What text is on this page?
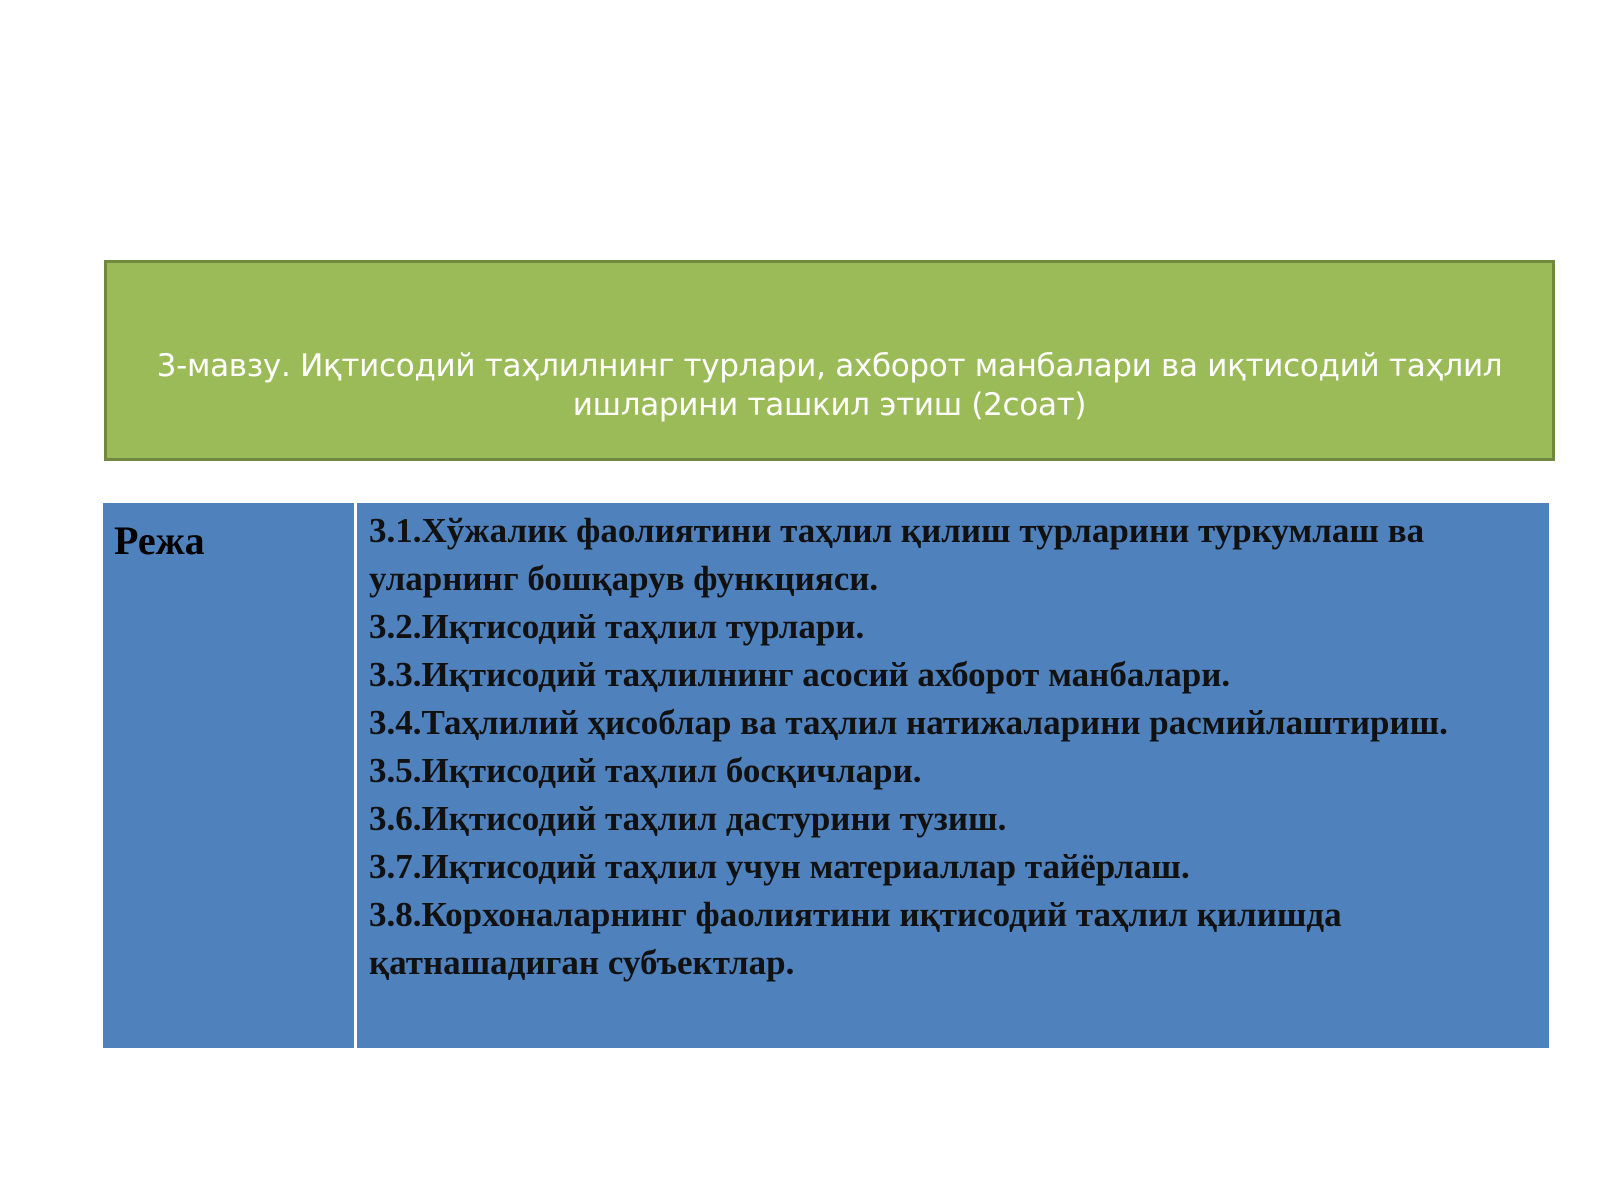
3-мавзу. Иқтисодий таҳлилнинг турлари, ахборот манбалари ва иқтисодий таҳлил ишларини ташкил этиш (2соат)
Режа	3.1.Хўжалик фаолиятини таҳлил қилиш турларини туркумлаш ва уларнинг бошқарув функцияси.

3.2.Иқтисодий таҳлил турлари.

3.3.Иқтисодий таҳлилнинг асосий ахборот манбалари.

3.4.Таҳлилий ҳисоблар ва таҳлил натижаларини расмийлаштириш.

3.5.Иқтисодий таҳлил босқичлари.

3.6.Иқтисодий таҳлил дастурини тузиш.

3.7.Иқтисодий таҳлил учун материаллар тайёрлаш.

3.8.Корхоналарнинг фаолиятини иқтисодий таҳлил қилишда қатнашадиган субъектлар.
